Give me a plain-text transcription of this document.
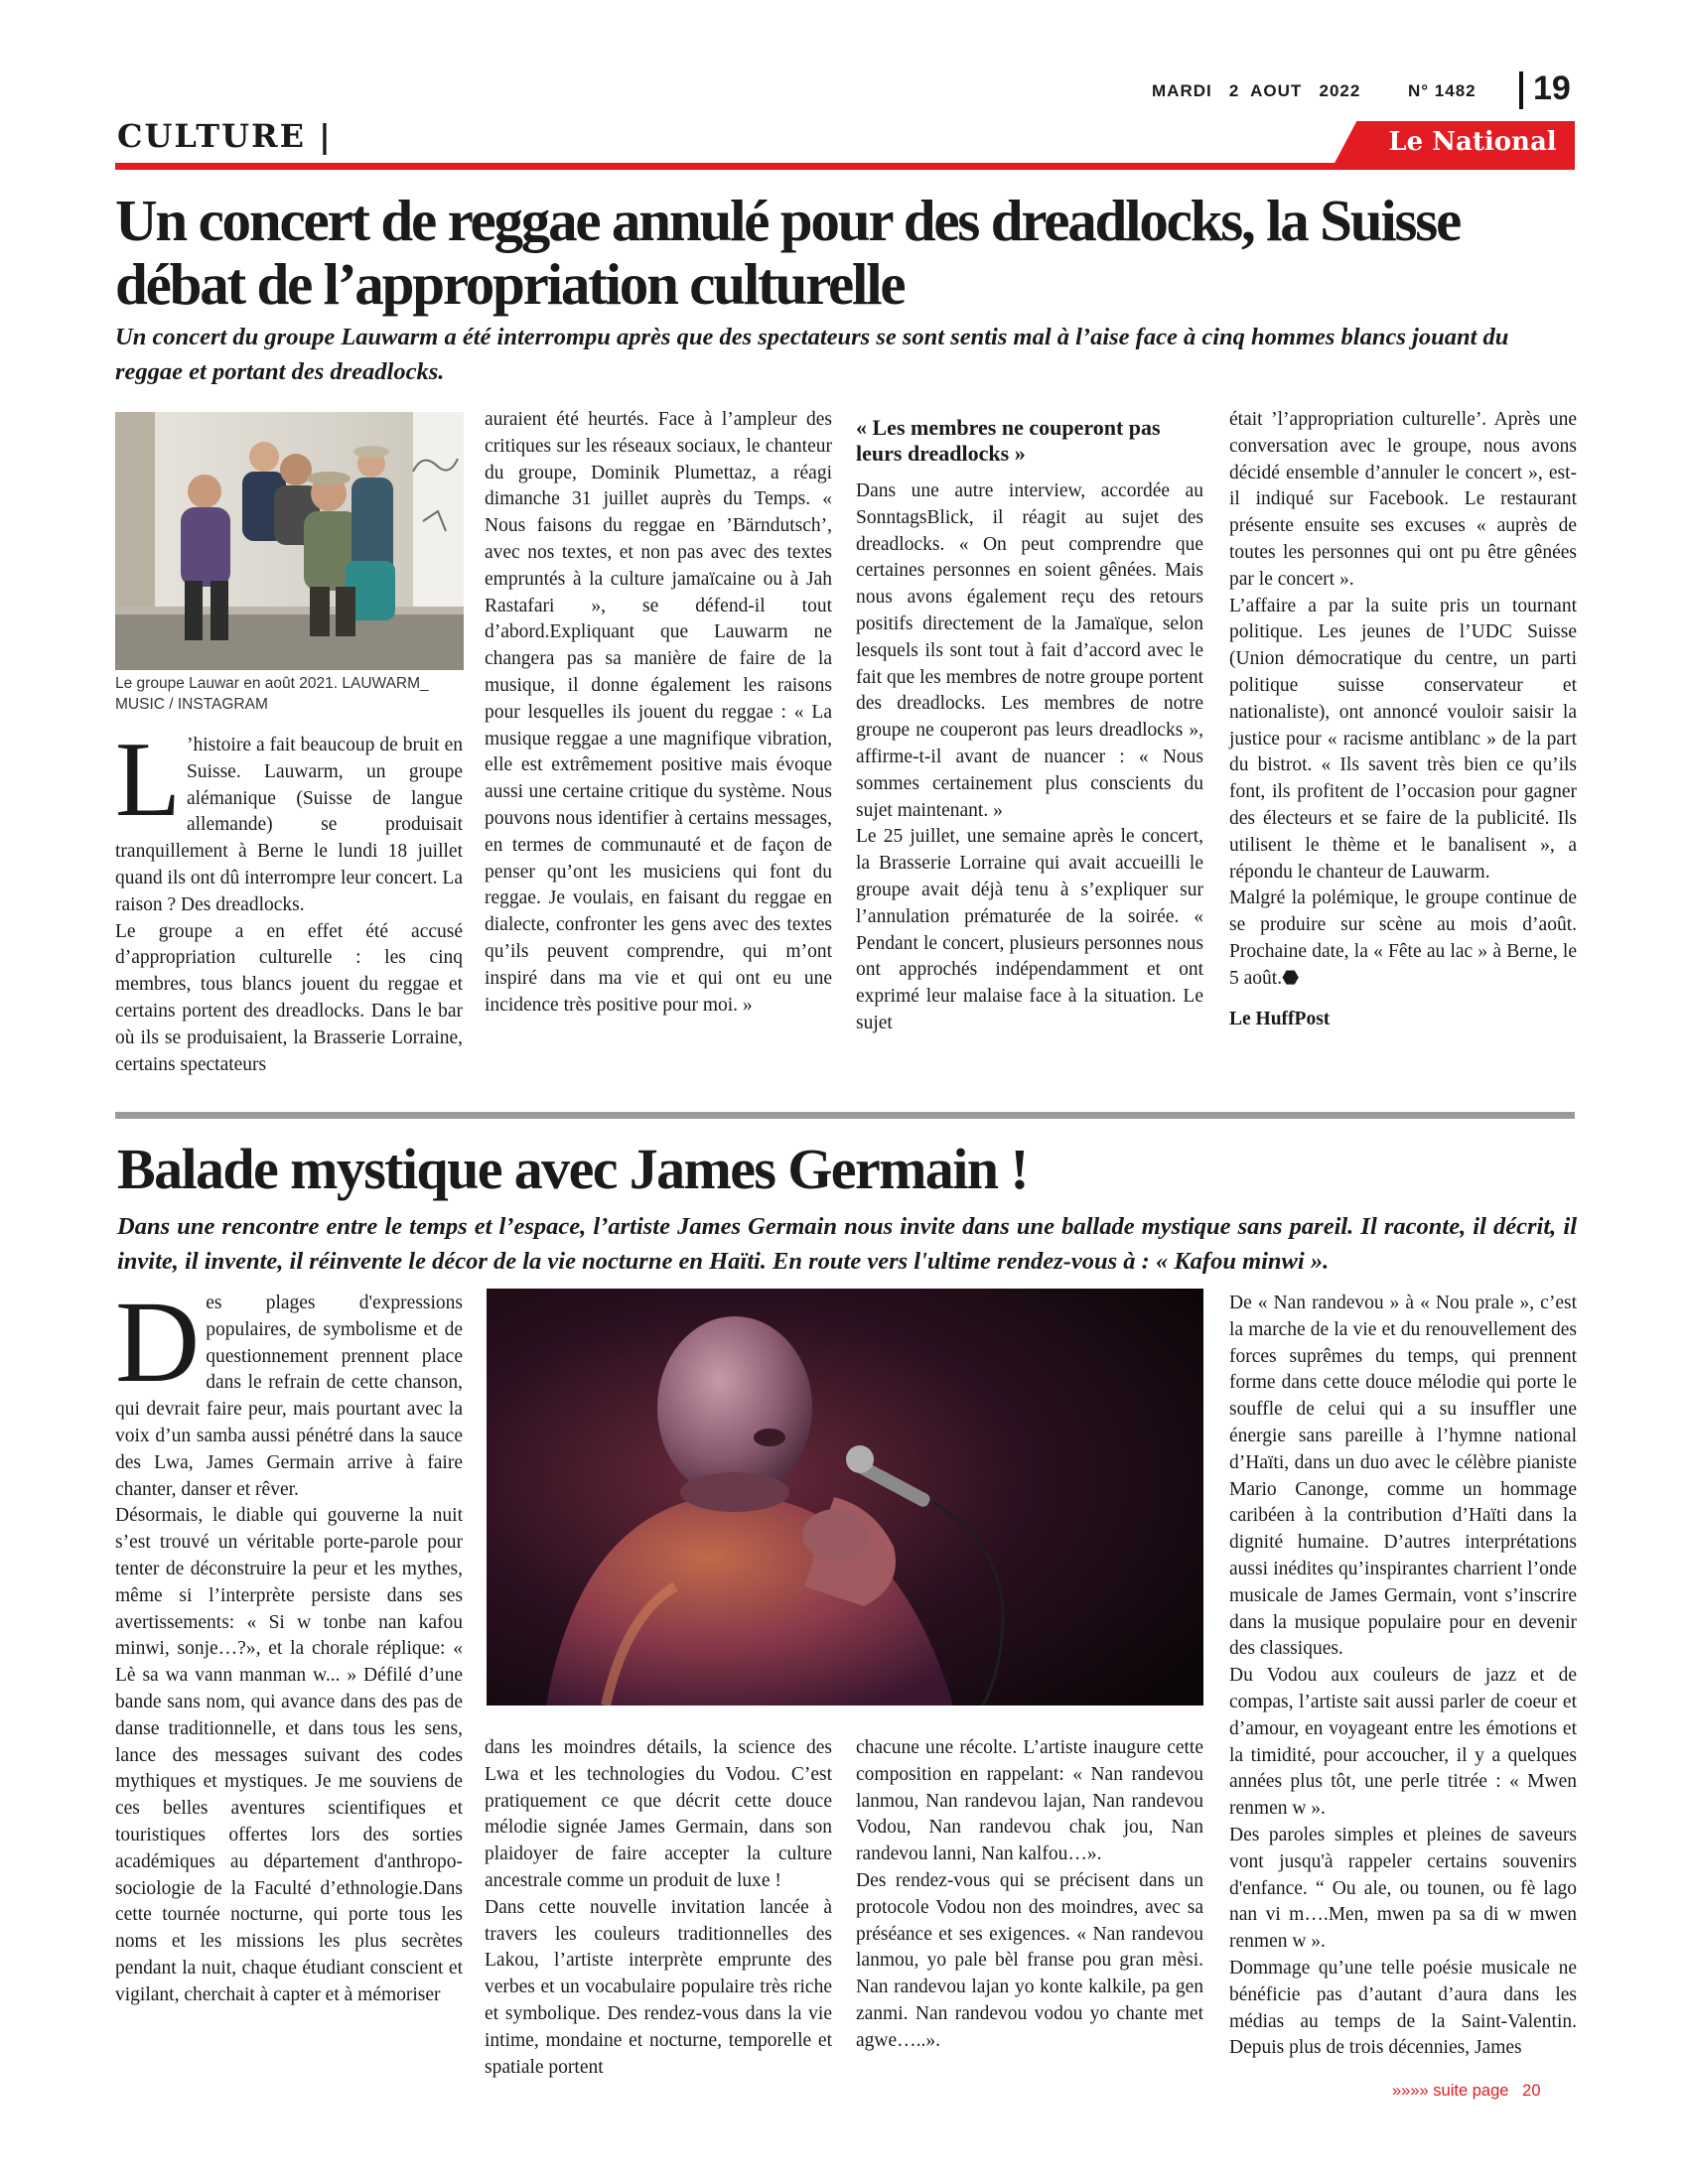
MARDI   2  AOUT   2022	N° 1482 19
CULTURE |	Le National
Un concert de reggae annulé pour des dreadlocks, la Suisse débat de l’appropriation culturelle

Un concert du groupe Lauwarm a été interrompu après que des spectateurs se sont sentis mal à l’aise face à cinq hommes blancs jouant du reggae et portant des dreadlocks.

Le groupe Lauwar en août 2021. LAUWARM_ MUSIC / INSTAGRAM

L ’histoire a fait beaucoup de bruit en Suisse. Lauwarm, un groupe alémanique (Suisse de langue allemande) se produisait tranquillement à Berne le lundi 18 juillet quand ils ont dû interrompre leur concert. La raison ? Des dreadlocks.

Le groupe a en effet été accusé d’appropriation culturelle : les cinq membres, tous blancs jouent du reggae et certains portent des dreadlocks. Dans le bar où ils se produisaient, la Brasserie Lorraine, certains spectateurs

auraient été heurtés. Face à l’ampleur des critiques sur les réseaux sociaux, le chanteur du groupe, Dominik Plumettaz, a réagi dimanche 31 juillet auprès du Temps. « Nous faisons du reggae en ’Bärndutsch’, avec nos textes, et non pas avec des textes empruntés à la culture jamaïcaine ou à Jah Rastafari », se défend-il tout d’abord.Expliquant que Lauwarm ne changera pas sa manière de faire de la musique, il donne également les raisons pour lesquelles ils jouent du reggae : « La musique reggae a une magnifique vibration, elle est extrêmement positive mais évoque aussi une certaine critique du système. Nous pouvons nous identifier à certains messages, en termes de communauté et de façon de penser qu’ont les musiciens qui font du reggae. Je voulais, en faisant du reggae en dialecte, confronter les gens avec des textes qu’ils peuvent comprendre, qui m’ont inspiré dans ma vie et qui ont eu une incidence très positive pour moi. »

« Les membres ne couperont pas leurs dreadlocks »

Dans une autre interview, accordée au SonntagsBlick, il réagit au sujet des dreadlocks. « On peut comprendre que certaines personnes en soient gênées. Mais nous avons également reçu des retours positifs directement de la Jamaïque, selon lesquels ils sont tout à fait d’accord avec le fait que les membres de notre groupe portent des dreadlocks. Les membres de notre groupe ne couperont pas leurs dreadlocks », affirme-t-il avant de nuancer : « Nous sommes certainement plus conscients du sujet maintenant. »

Le 25 juillet, une semaine après le concert, la Brasserie Lorraine qui avait accueilli le groupe avait déjà tenu à s’expliquer sur l’annulation prématurée de la soirée. « Pendant le concert, plusieurs personnes nous ont approchés indépendamment et ont exprimé leur malaise face à la situation. Le sujet

était ’l’appropriation culturelle’. Après une conversation avec le groupe, nous avons décidé ensemble d’annuler le concert », est-il indiqué sur Facebook. Le restaurant présente ensuite ses excuses « auprès de toutes les personnes qui ont pu être gênées par le concert ».

L’affaire a par la suite pris un tournant politique. Les jeunes de l’UDC Suisse (Union démocratique du centre, un parti politique suisse conservateur et nationaliste), ont annoncé vouloir saisir la justice pour « racisme antiblanc » de la part du bistrot. « Ils savent très bien ce qu’ils font, ils profitent de l’occasion pour gagner des électeurs et se faire de la publicité. Ils utilisent le thème et le banalisent », a répondu le chanteur de Lauwarm.

Malgré la polémique, le groupe continue de se produire sur scène au mois d’août. Prochaine date, la « Fête au lac » à Berne, le 5 août.⬣

Le HuffPost

Balade mystique avec James Germain !

Dans une rencontre entre le temps et l’espace, l’artiste James Germain nous invite dans une ballade mystique sans pareil. Il raconte, il décrit, il invite, il invente, il réinvente le décor de la vie nocturne en Haïti. En route vers l'ultime rendez-vous à : « Kafou minwi ».

Des plages d'expressions populaires, de symbolisme et de questionnement prennent place dans le refrain de cette chanson, qui devrait faire peur, mais pourtant avec la voix d’un samba aussi pénétré dans la sauce des Lwa, James Germain arrive à faire chanter, danser et rêver.

Désormais, le diable qui gouverne la nuit s’est trouvé un véritable porte-parole pour tenter de déconstruire la peur et les mythes, même si l’interprète persiste dans ses avertissements: « Si w tonbe nan kafou minwi, sonje…?», et la chorale réplique: « Lè sa wa vann manman w... » Défilé d’une bande sans nom, qui avance dans des pas de danse traditionnelle, et dans tous les sens, lance des messages suivant des codes mythiques et mystiques. Je me souviens de ces belles aventures scientifiques et touristiques offertes lors des sorties académiques au département d'anthropo-sociologie de la Faculté d’ethnologie.Dans cette tournée nocturne, qui porte tous les noms et les missions les plus secrètes pendant la nuit, chaque étudiant conscient et vigilant, cherchait à capter et à mémoriser

dans les moindres détails, la science des Lwa et les technologies du Vodou. C’est pratiquement ce que décrit cette douce mélodie signée James Germain, dans son plaidoyer de faire accepter la culture ancestrale comme un produit de luxe !

Dans cette nouvelle invitation lancée à travers les couleurs traditionnelles des Lakou, l’artiste interprète emprunte des verbes et un vocabulaire populaire très riche et symbolique. Des rendez-vous dans la vie intime, mondaine et nocturne, temporelle et spatiale portent

chacune une récolte. L’artiste inaugure cette composition en rappelant: « Nan randevou lanmou, Nan randevou lajan, Nan randevou Vodou, Nan randevou chak jou, Nan randevou lanni, Nan kalfou…».

Des rendez-vous qui se précisent dans un protocole Vodou non des moindres, avec sa préséance et ses exigences. « Nan randevou lanmou, yo pale bèl franse pou gran mèsi. Nan randevou lajan yo konte kalkile, pa gen zanmi. Nan randevou vodou yo chante met agwe…..».

De « Nan randevou » à « Nou prale », c’est la marche de la vie et du renouvellement des forces suprêmes du temps, qui prennent forme dans cette douce mélodie qui porte le souffle de celui qui a su insuffler une énergie sans pareille à l’hymne national d’Haïti, dans un duo avec le célèbre pianiste Mario Canonge, comme un hommage caribéen à la contribution d’Haïti dans la dignité humaine. D’autres interprétations aussi inédites qu’inspirantes charrient l’onde musicale de James Germain, vont s’inscrire dans la musique populaire pour en devenir des classiques.

Du Vodou aux couleurs de jazz et de compas, l’artiste sait aussi parler de coeur et d’amour, en voyageant entre les émotions et la timidité, pour accoucher, il y a quelques années plus tôt, une perle titrée : « Mwen renmen w ».

Des paroles simples et pleines de saveurs vont jusqu'à rappeler certains souvenirs d'enfance. “ Ou ale, ou tounen, ou fè lago nan vi m….Men, mwen pa sa di w mwen renmen w ».

Dommage qu’une telle poésie musicale ne bénéficie pas d’autant d’aura dans les médias au temps de la Saint-Valentin. Depuis plus de trois décennies, James

»»»» suite page   20
